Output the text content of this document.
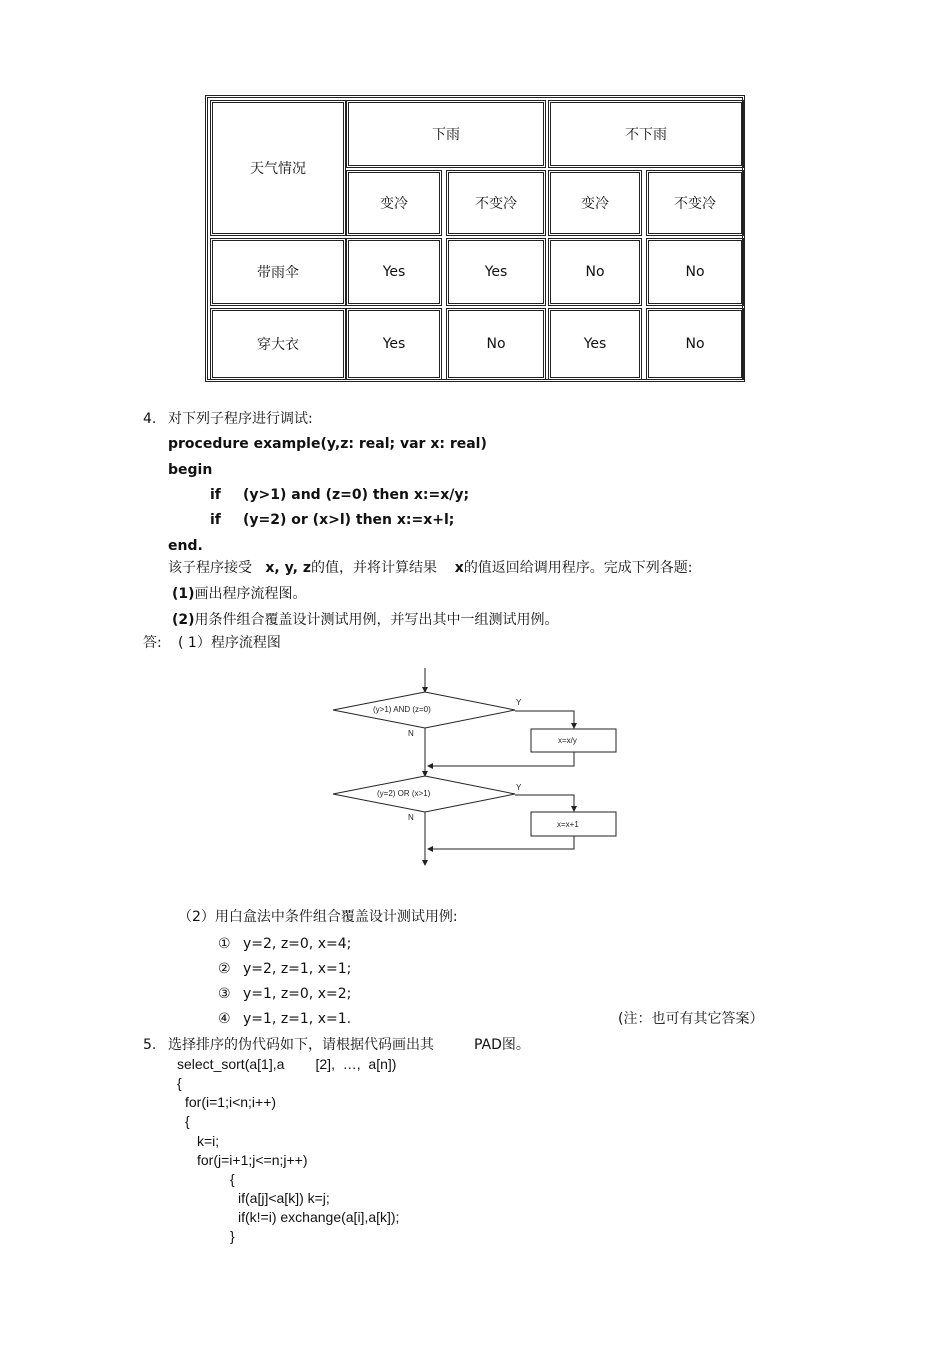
天气情况
下雨	不下雨
变冷	不变冷	变冷	不变冷
带雨伞	Yes	Yes	No	No
穿大衣	Yes	No	Yes	No
4. 对下列子程序进行调试:
procedure example(y,z: real; var x: real)
begin
if (y>1) and (z=0) then x:=x/y;
if (y=2) or (x>l) then x:=x+l;
end.
该子程序接受 x, y, z的值，并将计算结果 x的值返回给调用程序。完成下列各题:
(1)画出程序流程图。
(2)用条件组合覆盖设计测试用例，并写出其中一组测试用例。
答: ( 1）程序流程图
(y>1) AND (z=0)
x=x/y
(y=2) OR (x>1)
x=x+1
Y
N
Y
N
（2）用白盒法中条件组合覆盖设计测试用例:
① y=2, z=0, x=4;
② y=2, z=1, x=1;
③ y=1, z=0, x=2;
④ y=1, z=1, x=1.	(注：也可有其它答案）
5. 选择排序的伪代码如下，请根据代码画出其	PAD图。
select_sort(a[1],a        [2],  …,  a[n])
{
for(i=1;i<n;i++)
{
k=i;
for(j=i+1;j<=n;j++)
{
if(a[j]<a[k]) k=j;
if(k!=i) exchange(a[i],a[k]);
}
